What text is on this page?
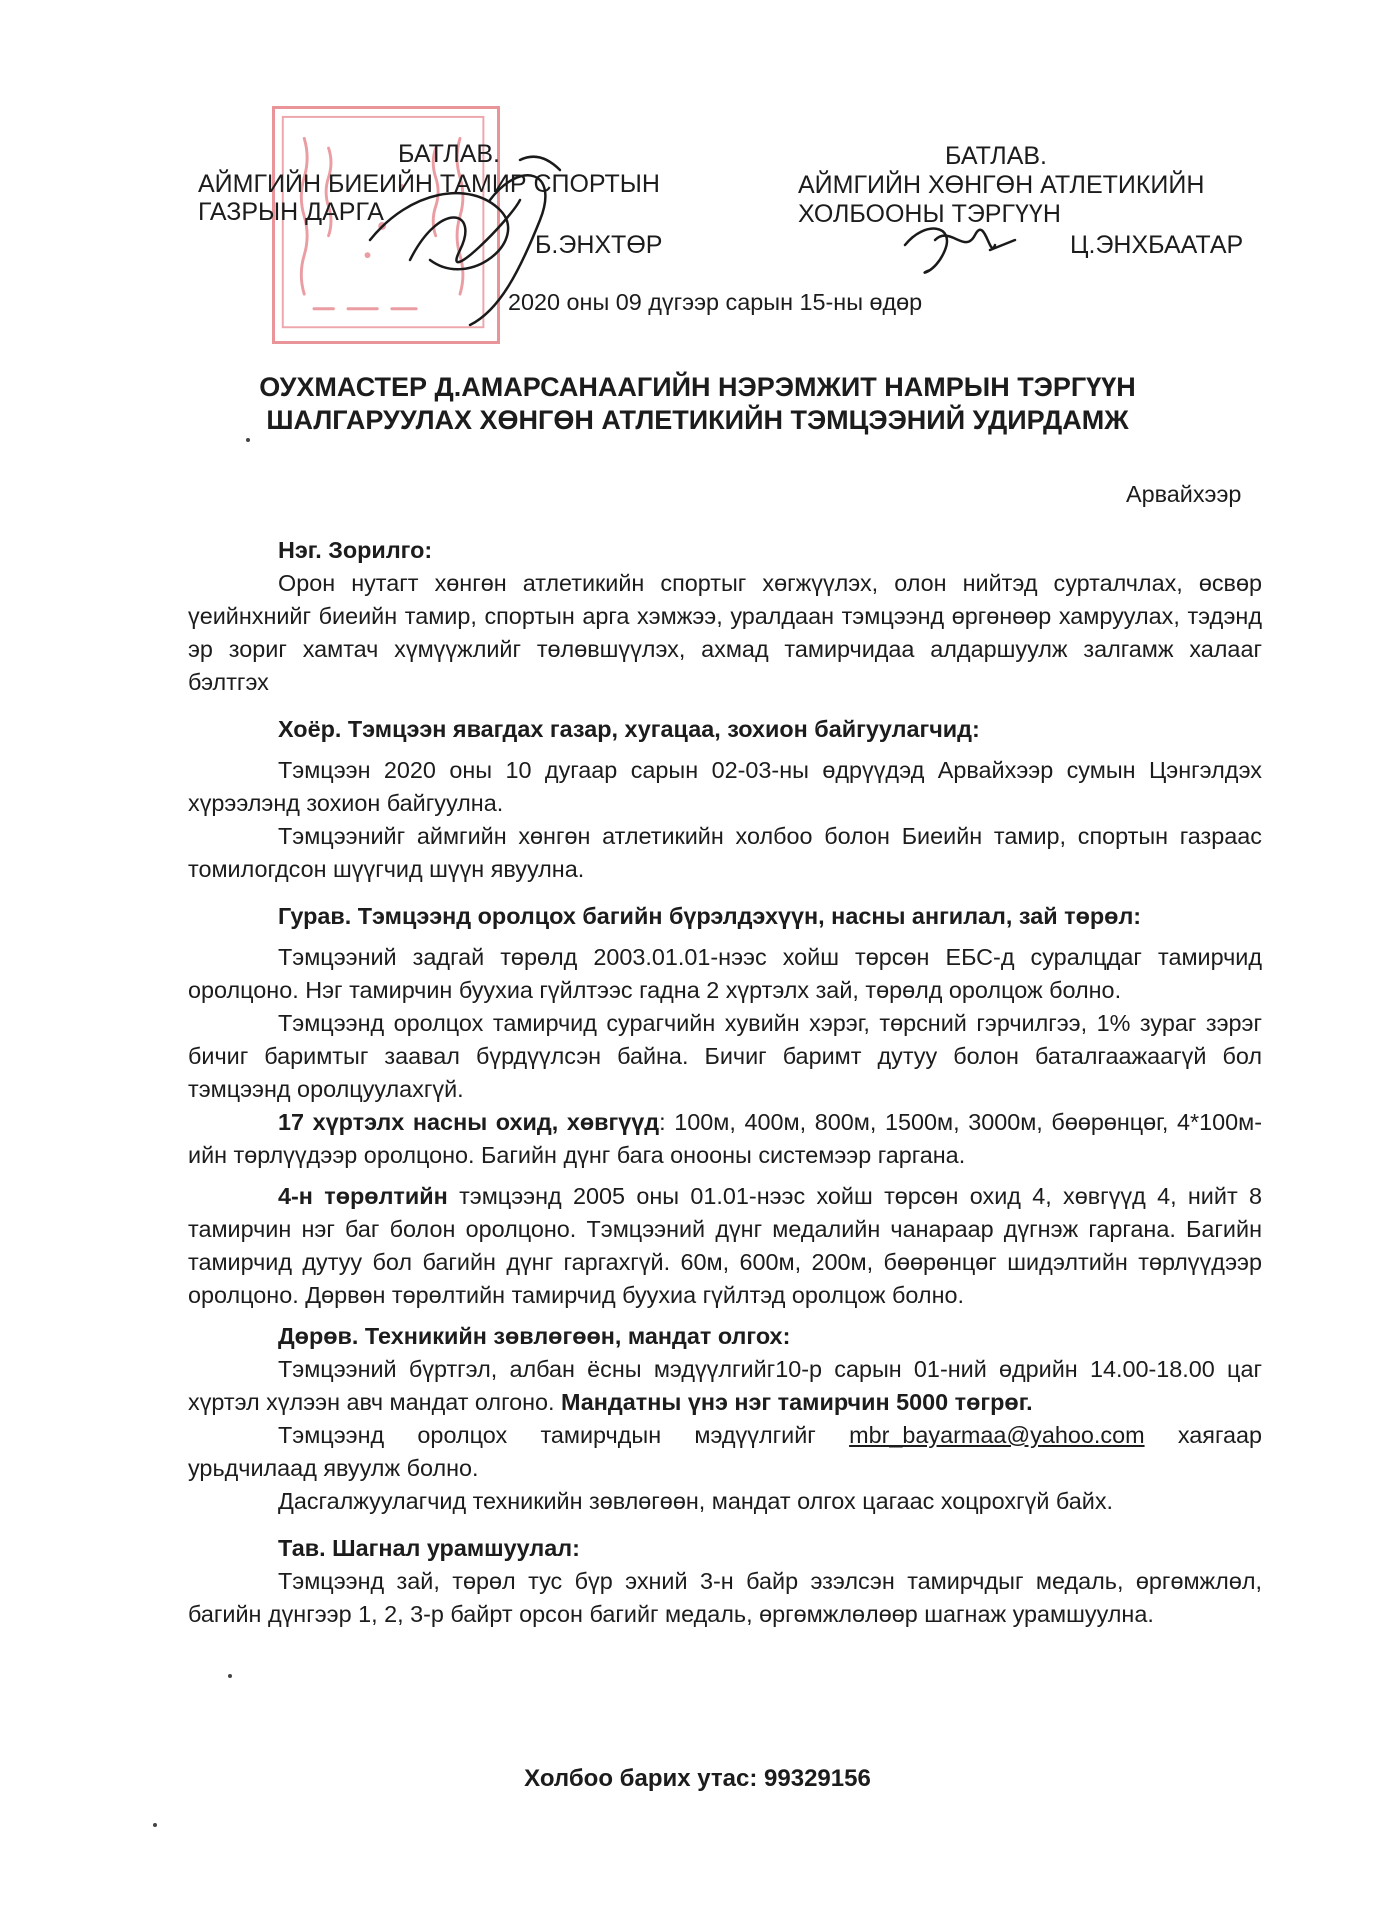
БАТЛАВ.
АЙМГИЙН БИЕИЙН ТАМИР СПОРТЫН
ГАЗРЫН ДАРГА
Б.ЭНХТӨР
БАТЛАВ.
АЙМГИЙН ХӨНГӨН АТЛЕТИКИЙН
ХОЛБООНЫ ТЭРГҮҮН
Ц.ЭНХБААТАР
2020 оны 09 дүгээр сарын 15-ны өдөр
ОУХМАСТЕР Д.АМАРСАНААГИЙН НЭРЭМЖИТ НАМРЫН ТЭРГҮҮН
ШАЛГАРУУЛАХ ХӨНГӨН АТЛЕТИКИЙН ТЭМЦЭЭНИЙ УДИРДАМЖ
Арвайхээр
Нэг. Зорилго:

Орон нутагт хөнгөн атлетикийн спортыг хөгжүүлэх, олон нийтэд сурталчлах, өсвөр үеийнхнийг биеийн тамир, спортын арга хэмжээ, уралдаан тэмцээнд өргөнөөр хамруулах, тэдэнд эр зориг хамтач хүмүүжлийг төлөвшүүлэх, ахмад тамирчидаа алдаршуулж залгамж халааг бэлтгэх

Хоёр. Тэмцээн явагдах газар, хугацаа, зохион байгуулагчид:

Тэмцээн 2020 оны 10 дугаар сарын 02-03-ны өдрүүдэд Арвайхээр сумын Цэнгэлдэх хүрээлэнд зохион байгуулна.

Тэмцээнийг аймгийн хөнгөн атлетикийн холбоо болон Биеийн тамир, спортын газраас томилогдсон шүүгчид шүүн явуулна.

Гурав. Тэмцээнд оролцох багийн бүрэлдэхүүн, насны ангилал, зай төрөл:

Тэмцээний задгай төрөлд 2003.01.01-нээс хойш төрсөн ЕБС-д суралцдаг тамирчид оролцоно. Нэг тамирчин буухиа гүйлтээс гадна 2 хүртэлх зай, төрөлд оролцож болно.

Тэмцээнд оролцох тамирчид сурагчийн хувийн хэрэг, төрсний гэрчилгээ, 1% зураг зэрэг бичиг баримтыг заавал бүрдүүлсэн байна. Бичиг баримт дутуу болон баталгаажаагүй бол тэмцээнд оролцуулахгүй.

17 хүртэлх насны охид, хөвгүүд: 100м, 400м, 800м, 1500м, 3000м, бөөрөнцөг, 4*100м-ийн төрлүүдээр оролцоно. Багийн дүнг бага онооны системээр гаргана.

4-н төрөлтийн тэмцээнд 2005 оны 01.01-нээс хойш төрсөн охид 4, хөвгүүд 4, нийт 8 тамирчин нэг баг болон оролцоно. Тэмцээний дүнг медалийн чанараар дүгнэж гаргана. Багийн тамирчид дутуу бол багийн дүнг гаргахгүй. 60м, 600м, 200м, бөөрөнцөг шидэлтийн төрлүүдээр оролцоно. Дөрвөн төрөлтийн тамирчид буухиа гүйлтэд оролцож болно.

Дөрөв. Техникийн зөвлөгөөн, мандат олгох:

Тэмцээний бүртгэл, албан ёсны мэдүүлгийг10-р сарын 01-ний өдрийн 14.00-18.00 цаг хүртэл хүлээн авч мандат олгоно. Мандатны үнэ нэг тамирчин 5000 төгрөг.

Тэмцээнд оролцох тамирчдын мэдүүлгийг mbr_bayarmaa@yahoo.com хаягаар урьдчилаад явуулж болно.

Дасгалжуулагчид техникийн зөвлөгөөн, мандат олгох цагаас хоцрохгүй байх.

Тав. Шагнал урамшуулал:

Тэмцээнд зай, төрөл тус бүр эхний 3-н байр эзэлсэн тамирчдыг медаль, өргөмжлөл, багийн дүнгээр 1, 2, 3-р байрт орсон багийг медаль, өргөмжлөлөөр шагнаж урамшуулна.

Холбоо барих утас: 99329156
